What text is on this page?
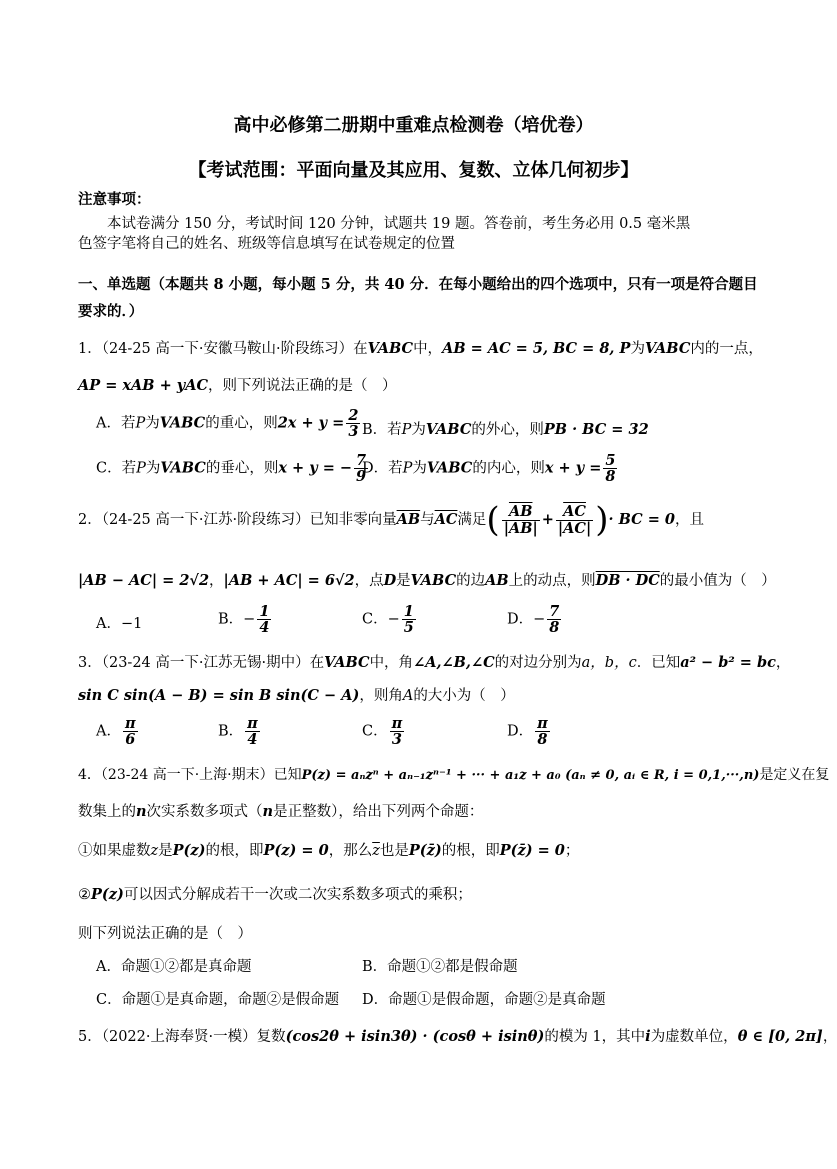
高中必修第二册期中重难点检测卷（培优卷）
【考试范围：平面向量及其应用、复数、立体几何初步】
注意事项：
本试卷满分 150 分，考试时间 120 分钟，试题共 19 题。答卷前，考生务必用 0.5 毫米黑
色签字笔将自己的姓名、班级等信息填写在试卷规定的位置
一、单选题（本题共 8 小题，每小题 5 分，共 40 分．在每小题给出的四个选项中，只有一项是符合题目
要求的．）
1．（24-25 高一下·安徽马鞍山·阶段练习）在VABC中，AB = AC = 5, BC = 8, P为VABC内的一点，
AP = xAB + yAC，则下列说法正确的是（　）
A．若P为VABC的重心，则$2x + y = \frac{2}{3}$ B．若P为VABC的外心，则PB · BC = 32
C．若P为VABC的垂心，则x + y = − $\frac{7}{9}$
D．若P为VABC的内心，则$x + y = \frac{5}{8}$
2．（24-25 高一下·江苏·阶段练习）已知非零向量$\overline{AB}$与$\overline{AC}$满足( $\frac{\overline{AB}}{|AB|} + \frac{\overline{AC}}{|AC|}$ )· BC = 0，且
|AB − AC| = 2√2，|AB + AC| = 6√2，点D是VABC的边AB上的动点，则DB · DC的最小值为（　）
A．−1	B．− $\frac{1}{4}$	C．− $\frac{1}{5}$	D．− $\frac{7}{8}$
3．（23-24 高一下·江苏无锡·期中）在VABC中，角∠A,∠B,∠C的对边分别为a，b，c．已知a² − b² = bc，
sin C sin(A − B) = sin B sin(C − A)，则角A的大小为（　）
A． $\frac{\pi}{6}$	B． $\frac{\pi}{4}$	C． $\frac{\pi}{3}$	D． $\frac{\pi}{8}$
4．（23-24 高一下·上海·期末）已知P(z) = aₙzⁿ + aₙ₋₁zⁿ⁻¹ + ··· + a₁z + a₀ (aₙ ≠ 0, aᵢ ∈ R, i = 0,1,···,n)是定义在复
数集上的n次实系数多项式（n是正整数），给出下列两个命题：
①如果虚数z是P(z)的根，即P(z) = 0，那么$\overline{z}$也是P(z̄)的根，即P(z̄) = 0；
②P(z)可以因式分解成若干一次或二次实系数多项式的乘积；
则下列说法正确的是（　）
A．命题①②都是真命题	B．命题①②都是假命题
C．命题①是真命题，命题②是假命题 D．命题①是假命题，命题②是真命题
5．（2022·上海奉贤·一模）复数(cos2θ + isin3θ) · (cosθ + isinθ)的模为 1，其中i为虚数单位，θ ∈ [0, 2π]，
